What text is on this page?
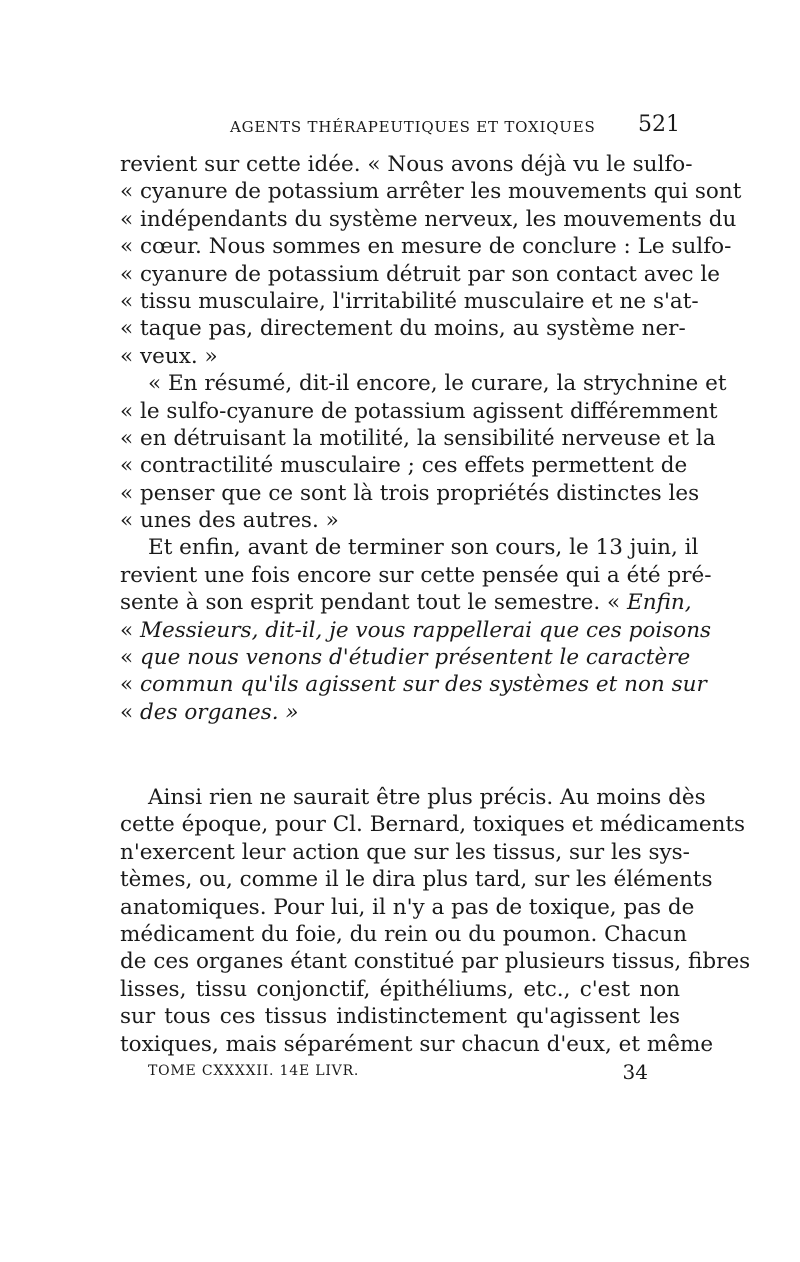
AGENTS THÉRAPEUTIQUES ET TOXIQUES 521
revient sur cette idée. « Nous avons déjà vu le sulfo-
« cyanure de potassium arrêter les mouvements qui sont
« indépendants du système nerveux, les mouvements du
« cœur. Nous sommes en mesure de conclure : Le sulfo-
« cyanure de potassium détruit par son contact avec le
« tissu musculaire, l'irritabilité musculaire et ne s'at-
« taque pas, directement du moins, au système ner-
« veux. »
« En résumé, dit-il encore, le curare, la strychnine et
« le sulfo-cyanure de potassium agissent différemment
« en détruisant la motilité, la sensibilité nerveuse et la
« contractilité musculaire ; ces effets permettent de
« penser que ce sont là trois propriétés distinctes les
« unes des autres. »
Et enfin, avant de terminer son cours, le 13 juin, il
revient une fois encore sur cette pensée qui a été pré-
sente à son esprit pendant tout le semestre. « Enfin,
« Messieurs, dit-il, je vous rappellerai que ces poisons
« que nous venons d'étudier présentent le caractère
« commun qu'ils agissent sur des systèmes et non sur
« des organes. »
Ainsi rien ne saurait être plus précis. Au moins dès
cette époque, pour Cl. Bernard, toxiques et médicaments
n'exercent leur action que sur les tissus, sur les sys-
tèmes, ou, comme il le dira plus tard, sur les éléments
anatomiques. Pour lui, il n'y a pas de toxique, pas de
médicament du foie, du rein ou du poumon. Chacun
de ces organes étant constitué par plusieurs tissus, fibres
lisses, tissu conjonctif, épithéliums, etc., c'est non
sur tous ces tissus indistinctement qu'agissent les
toxiques, mais séparément sur chacun d'eux, et même
TOME CXXXXII. 14E LIVR.	34
